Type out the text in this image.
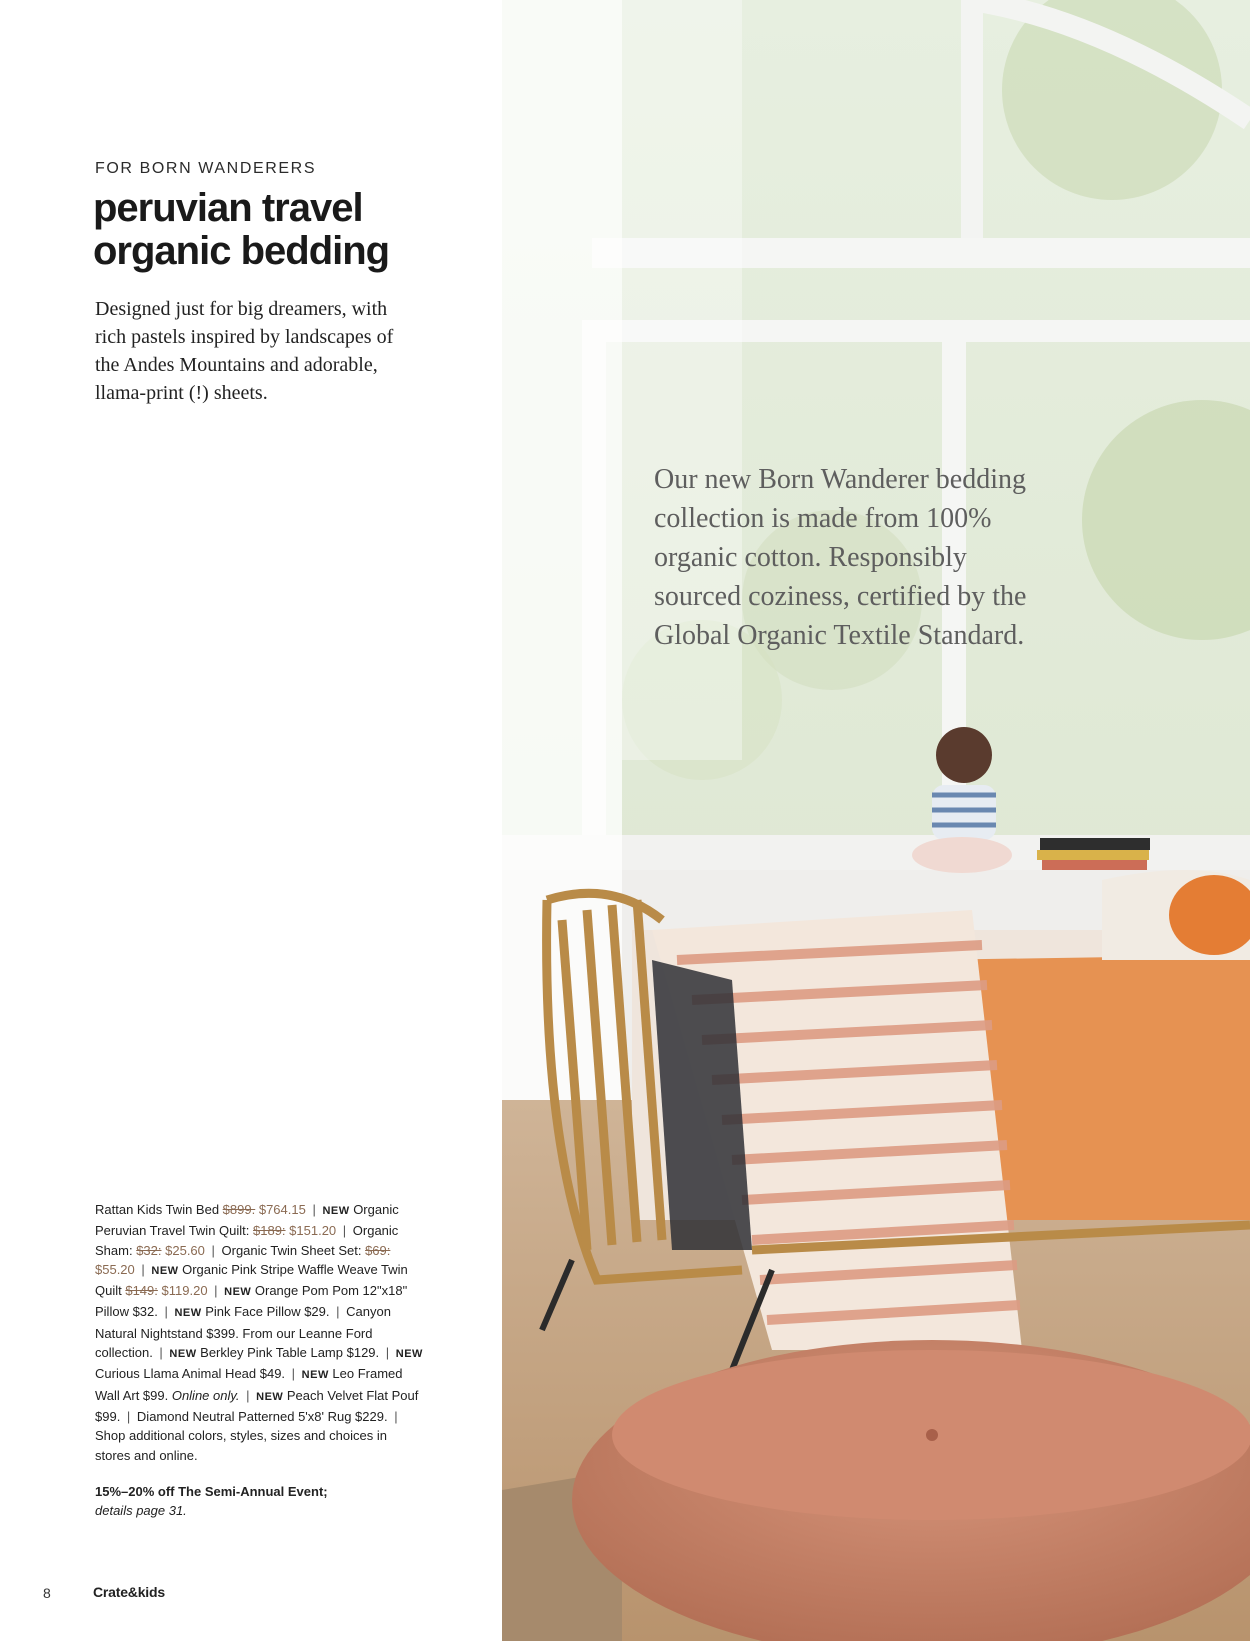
FOR BORN WANDERERS
peruvian travel
organic bedding
Designed just for big dreamers, with rich pastels inspired by landscapes of the Andes Mountains and adorable, llama-print (!) sheets.
Rattan Kids Twin Bed $899. $764.15 | NEW Organic Peruvian Travel Twin Quilt: $189: $151.20 | Organic Sham: $32: $25.60 | Organic Twin Sheet Set: $69: $55.20 | NEW Organic Pink Stripe Waffle Weave Twin Quilt $149: $119.20 | NEW Orange Pom Pom 12"x18" Pillow $32. | NEW Pink Face Pillow $29. | Canyon Natural Nightstand $399. From our Leanne Ford collection. | NEW Berkley Pink Table Lamp $129. | NEW Curious Llama Animal Head $49. | NEW Leo Framed Wall Art $99. Online only. | NEW Peach Velvet Flat Pouf $99. | Diamond Neutral Patterned 5'x8' Rug $229. | Shop additional colors, styles, sizes and choices in stores and online.
15%–20% off The Semi-Annual Event;
details page 31.
8	Crate&kids
Our new Born Wanderer bedding collection is made from 100% organic cotton. Responsibly sourced coziness, certified by the Global Organic Textile Standard.
